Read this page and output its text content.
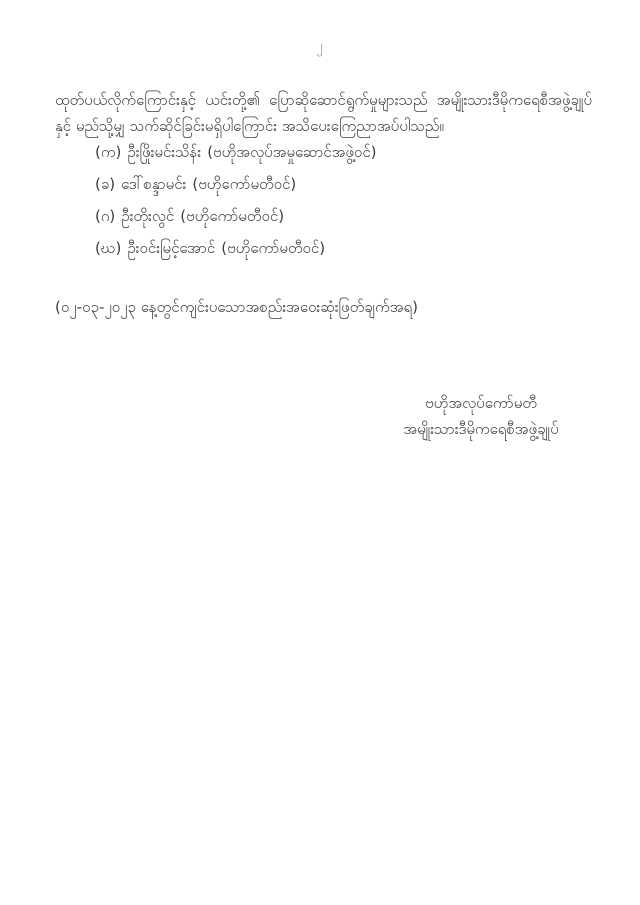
၂

ထုတ်ပယ်လိုက်ကြောင်းနှင့် ယင်းတို့၏ ပြောဆိုဆောင်ရွက်မှုများသည် အမျိုးသားဒီမိုကရေစီအဖွဲ့ချုပ်နှင့် မည်သို့မျှ သက်ဆိုင်ခြင်းမရှိပါကြောင်း အသိပေးကြေညာအပ်ပါသည်။

(က) ဦးဖြိုးမင်းသိန်း (ဗဟိုအလုပ်အမှုဆောင်အဖွဲ့ဝင်)
(ခ) ဒေါ်စန္ဒာမင်း (ဗဟိုကော်မတီဝင်)
(ဂ) ဦးတိုးလွင် (ဗဟိုကော်မတီဝင်)
(ဃ) ဦးဝင်းမြင့်အောင် (ဗဟိုကော်မတီဝင်)
(၀၂-၀၃-၂၀၂၃ နေ့တွင်ကျင်းပသောအစည်းအဝေးဆုံးဖြတ်ချက်အရ)
ဗဟိုအလုပ်ကော်မတီ
အမျိုးသားဒီမိုကရေစီအဖွဲ့ချုပ်
